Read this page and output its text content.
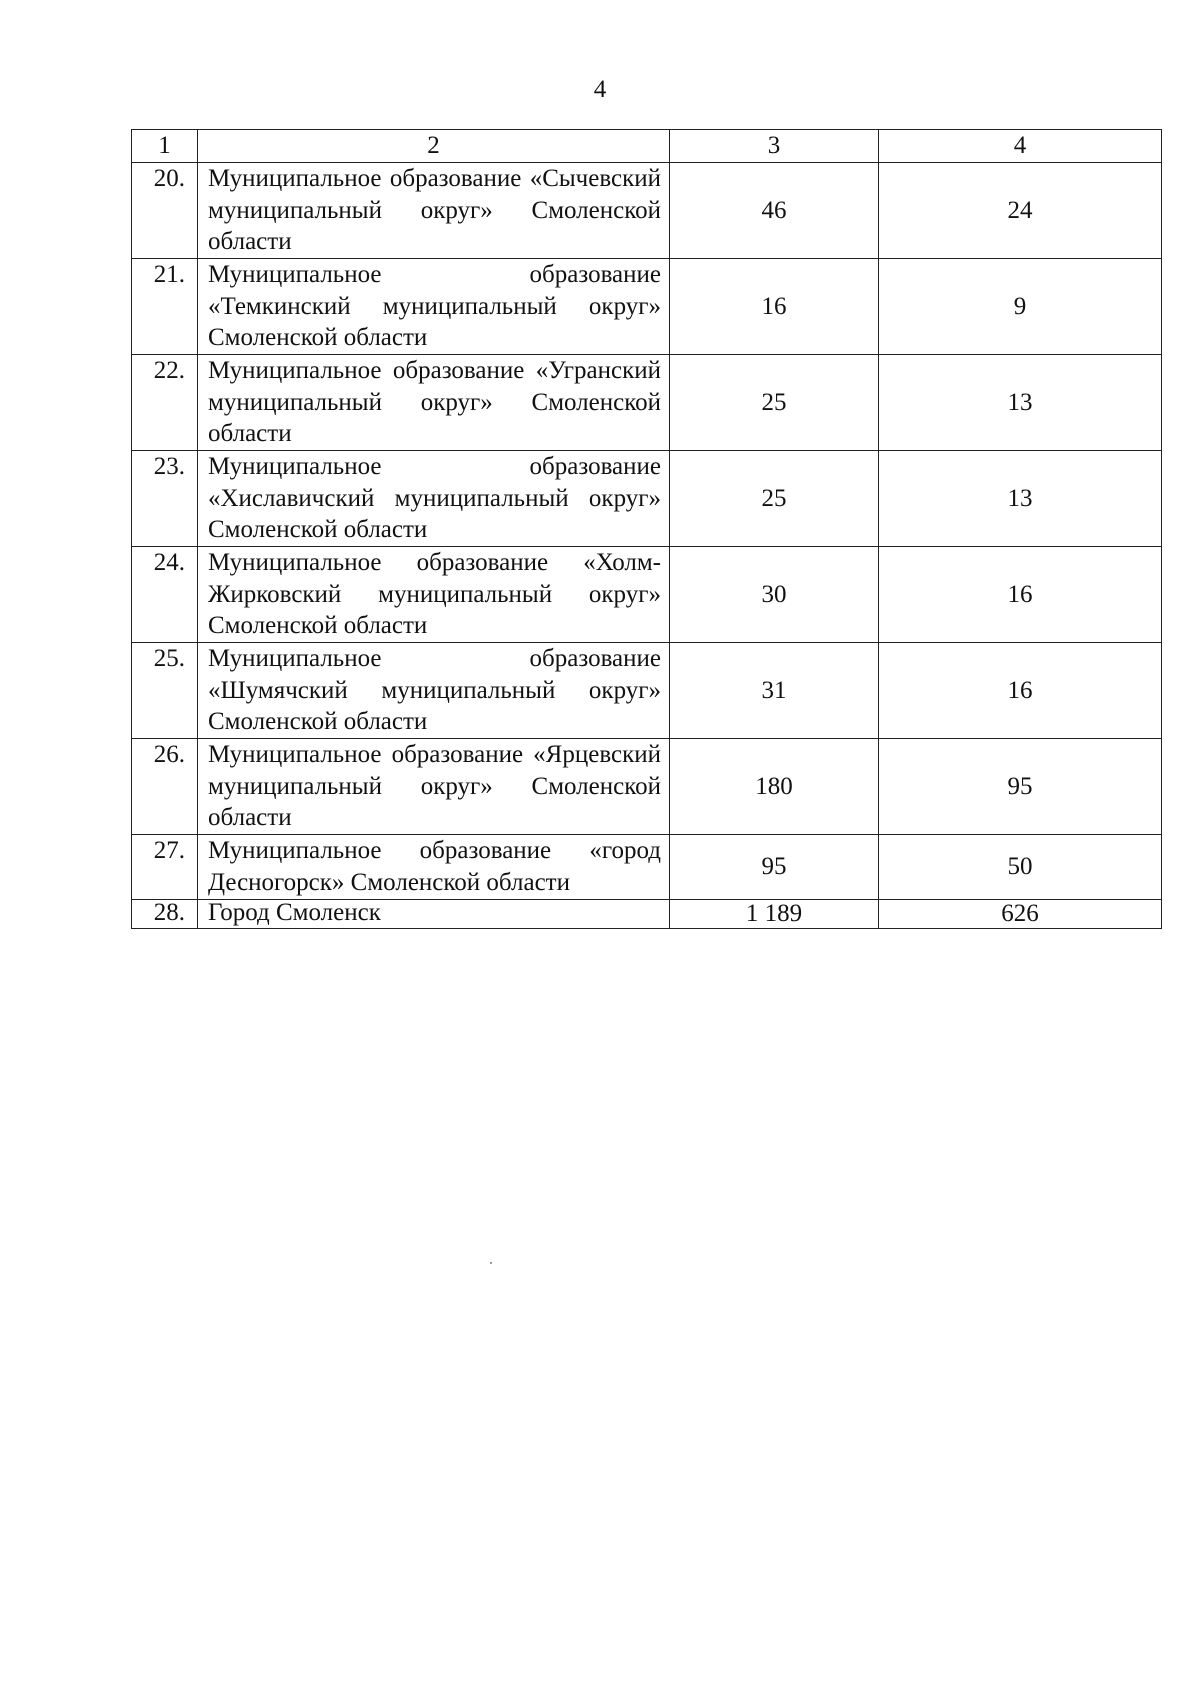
4
1	2	3	4
20.	Муниципальное образование «Сычевский муниципальный округ» Смоленской области	46	24
21.	Муниципальное образование «Темкинский муниципальный округ» Смоленской области	16	9
22.	Муниципальное образование «Угранский муниципальный округ» Смоленской области	25	13
23.	Муниципальное образование «Хиславичский муниципальный округ» Смоленской области	25	13
24.	Муниципальное образование «Холм-Жирковский муниципальный округ» Смоленской области	30	16
25.	Муниципальное образование «Шумячский муниципальный округ» Смоленской области	31	16
26.	Муниципальное образование «Ярцевский муниципальный округ» Смоленской области	180	95
27.	Муниципальное образование «город Десногорск» Смоленской области	95	50
28.	Город Смоленск	1 189	626
